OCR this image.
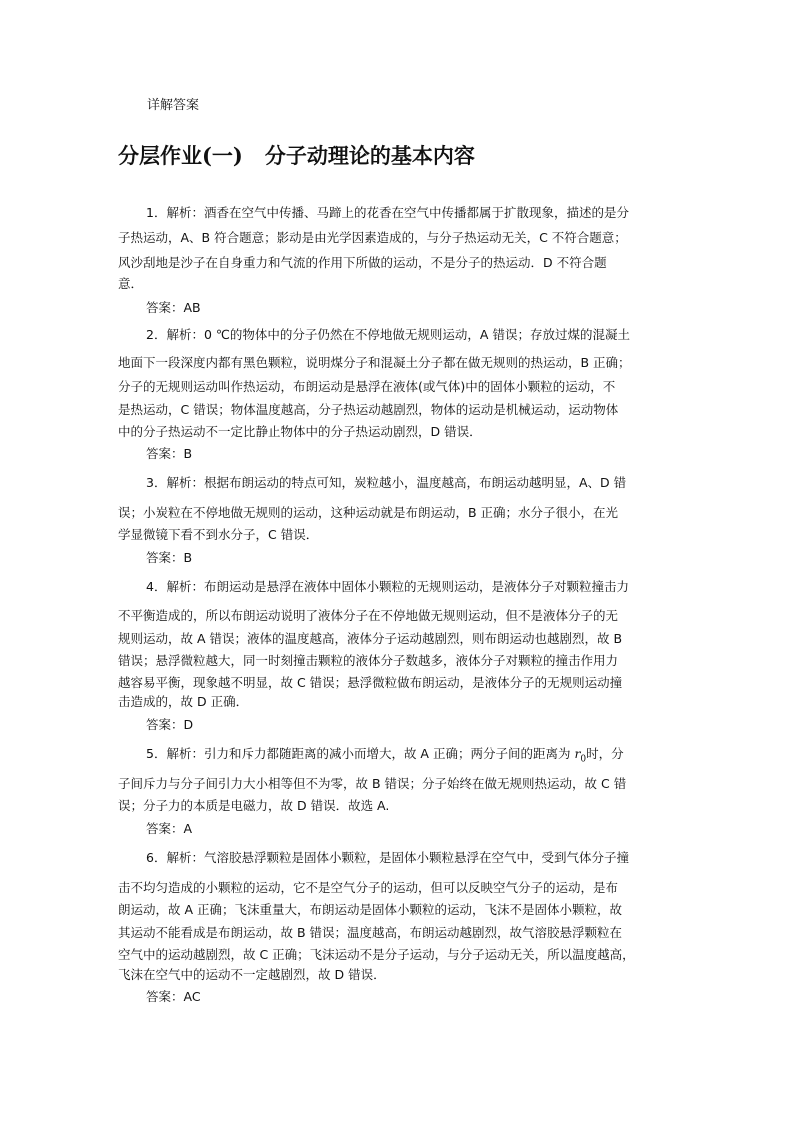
详解答案
分层作业(一) 分子动理论的基本内容
1．解析：酒香在空气中传播、马蹄上的花香在空气中传播都属于扩散现象，描述的是分
子热运动，A、B 符合题意；影动是由光学因素造成的，与分子热运动无关，C 不符合题意；
风沙刮地是沙子在自身重力和气流的作用下所做的运动，不是分子的热运动．D 不符合题
意．
答案：AB
2．解析：0 ℃的物体中的分子仍然在不停地做无规则运动，A 错误；存放过煤的混凝土
地面下一段深度内都有黑色颗粒，说明煤分子和混凝土分子都在做无规则的热运动，B 正确；
分子的无规则运动叫作热运动，布朗运动是悬浮在液体(或气体)中的固体小颗粒的运动，不
是热运动，C 错误；物体温度越高，分子热运动越剧烈，物体的运动是机械运动，运动物体
中的分子热运动不一定比静止物体中的分子热运动剧烈，D 错误．
答案：B
3．解析：根据布朗运动的特点可知，炭粒越小，温度越高，布朗运动越明显，A、D 错
误；小炭粒在不停地做无规则的运动，这种运动就是布朗运动，B 正确；水分子很小，在光
学显微镜下看不到水分子，C 错误．
答案：B
4．解析：布朗运动是悬浮在液体中固体小颗粒的无规则运动，是液体分子对颗粒撞击力
不平衡造成的，所以布朗运动说明了液体分子在不停地做无规则运动，但不是液体分子的无
规则运动，故 A 错误；液体的温度越高，液体分子运动越剧烈，则布朗运动也越剧烈，故 B
错误；悬浮微粒越大，同一时刻撞击颗粒的液体分子数越多，液体分子对颗粒的撞击作用力
越容易平衡，现象越不明显，故 C 错误；悬浮微粒做布朗运动，是液体分子的无规则运动撞
击造成的，故 D 正确．
答案：D
5．解析：引力和斥力都随距离的减小而增大，故 A 正确；两分子间的距离为 $r_0$时，分
子间斥力与分子间引力大小相等但不为零，故 B 错误；分子始终在做无规则热运动，故 C 错
误；分子力的本质是电磁力，故 D 错误．故选 A.
答案：A
6．解析：气溶胶悬浮颗粒是固体小颗粒，是固体小颗粒悬浮在空气中，受到气体分子撞
击不均匀造成的小颗粒的运动，它不是空气分子的运动，但可以反映空气分子的运动，是布
朗运动，故 A 正确；飞沫重量大，布朗运动是固体小颗粒的运动，飞沫不是固体小颗粒，故
其运动不能看成是布朗运动，故 B 错误；温度越高，布朗运动越剧烈，故气溶胶悬浮颗粒在
空气中的运动越剧烈，故 C 正确；飞沫运动不是分子运动，与分子运动无关，所以温度越高，
飞沫在空气中的运动不一定越剧烈，故 D 错误．
答案：AC
